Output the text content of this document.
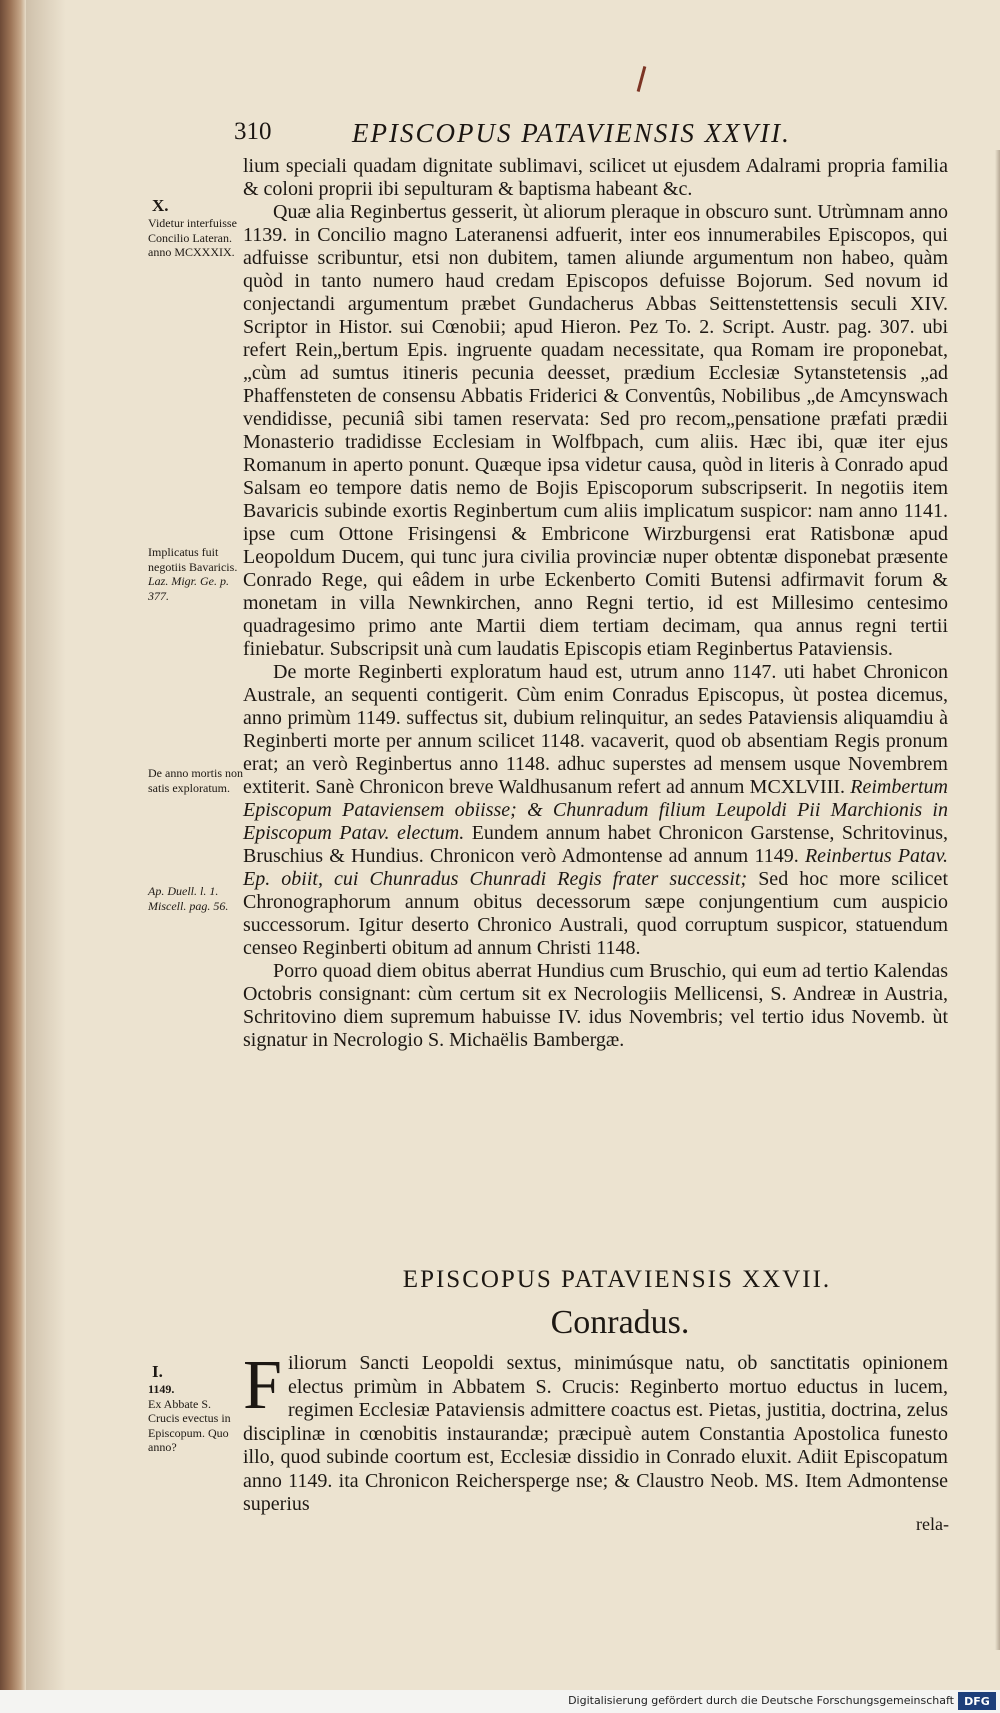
310	EPISCOPUS PATAVIENSIS XXVII.
X.
Videtur interfuisse Concilio Lateran. anno MCXXXIX.
Implicatus fuit negotiis Bavaricis.
Laz. Migr. Ge. p. 377.
De anno mortis non satis exploratum.
Ap. Duell. l. 1. Miscell. pag. 56.
I.
1149.
Ex Abbate S. Crucis evectus in Episcopum. Quo anno?

lium speciali quadam dignitate sublimavi, scilicet ut ejusdem Adalrami propria familia & coloni proprii ibi sepulturam & baptisma habeant &c.

Quæ alia Reginbertus gesserit, ùt aliorum pleraque in obscuro sunt. Utrùmnam anno 1139. in Concilio magno Lateranensi adfuerit, inter eos innumerabiles Episcopos, qui adfuisse scribuntur, etsi non dubitem, tamen aliunde argumentum non habeo, quàm quòd in tanto numero haud credam Episcopos defuisse Bojorum. Sed novum id conjectandi argumentum præbet Gundacherus Abbas Seittenstettensis seculi XIV. Scriptor in Histor. sui Cœnobii; apud Hieron. Pez To. 2. Script. Austr. pag. 307. ubi refert Rein„bertum Epis. ingruente quadam necessitate, qua Romam ire proponebat, „cùm ad sumtus itineris pecunia deesset, prædium Ecclesiæ Sytanstetensis „ad Phaffensteten de consensu Abbatis Friderici & Conventûs, Nobilibus „de Amcynswach vendidisse, pecuniâ sibi tamen reservata: Sed pro recom„pensatione præfati prædii Monasterio tradidisse Ecclesiam in Wolfbpach, cum aliis. Hæc ibi, quæ iter ejus Romanum in aperto ponunt. Quæque ipsa videtur causa, quòd in literis à Conrado apud Salsam eo tempore datis nemo de Bojis Episcoporum subscripserit. In negotiis item Bavaricis subinde exortis Reginbertum cum aliis implicatum suspicor: nam anno 1141. ipse cum Ottone Frisingensi & Embricone Wirzburgensi erat Ratisbonæ apud Leopoldum Ducem, qui tunc jura civilia provinciæ nuper obtentæ disponebat præsente Conrado Rege, qui eâdem in urbe Eckenberto Comiti Butensi adfirmavit forum & monetam in villa Newnkirchen, anno Regni tertio, id est Millesimo centesimo quadragesimo primo ante Martii diem tertiam decimam, qua annus regni tertii finiebatur. Subscripsit unà cum laudatis Episcopis etiam Reginbertus Pataviensis.

De morte Reginberti exploratum haud est, utrum anno 1147. uti habet Chronicon Australe, an sequenti contigerit. Cùm enim Conradus Episcopus, ùt postea dicemus, anno primùm 1149. suffectus sit, dubium relinquitur, an sedes Pataviensis aliquamdiu à Reginberti morte per annum scilicet 1148. vacaverit, quod ob absentiam Regis pronum erat; an verò Reginbertus anno 1148. adhuc superstes ad mensem usque Novembrem extiterit. Sanè Chronicon breve Waldhusanum refert ad annum MCXLVIII. Reimbertum Episcopum Pataviensem obiisse; & Chunradum filium Leupoldi Pii Marchionis in Episcopum Patav. electum. Eundem annum habet Chronicon Garstense, Schritovinus, Bruschius & Hundius. Chronicon verò Admontense ad annum 1149. Reinbertus Patav. Ep. obiit, cui Chunradus Chunradi Regis frater successit; Sed hoc more scilicet Chronographorum annum obitus decessorum sæpe conjungentium cum auspicio successorum. Igitur deserto Chronico Australi, quod corruptum suspicor, statuendum censeo Reginberti obitum ad annum Christi 1148.

Porro quoad diem obitus aberrat Hundius cum Bruschio, qui eum ad tertio Kalendas Octobris consignant: cùm certum sit ex Necrologiis Mellicensi, S. Andreæ in Austria, Schritovino diem supremum habuisse IV. idus Novembris; vel tertio idus Novemb. ùt signatur in Necrologio S. Michaëlis Bambergæ.

EPISCOPUS PATAVIENSIS XXVII.
Conradus.
F iliorum Sancti Leopoldi sextus, minimúsque natu, ob sanctitatis opinionem electus primùm in Abbatem S. Crucis: Reginberto mortuo eductus in lucem, regimen Ecclesiæ Pataviensis admittere coactus est. Pietas, justitia, doctrina, zelus disciplinæ in cœnobitis instaurandæ; præcipuè autem Constantia Apostolica funesto illo, quod subinde coortum est, Ecclesiæ dissidio in Conrado eluxit. Adiit Episcopatum anno 1149. ita Chronicon Reichersperge nse; & Claustro Neob. MS. Item Admontense superius
rela-
Digitalisierung gefördert durch die Deutsche Forschungsgemeinschaft DFG
